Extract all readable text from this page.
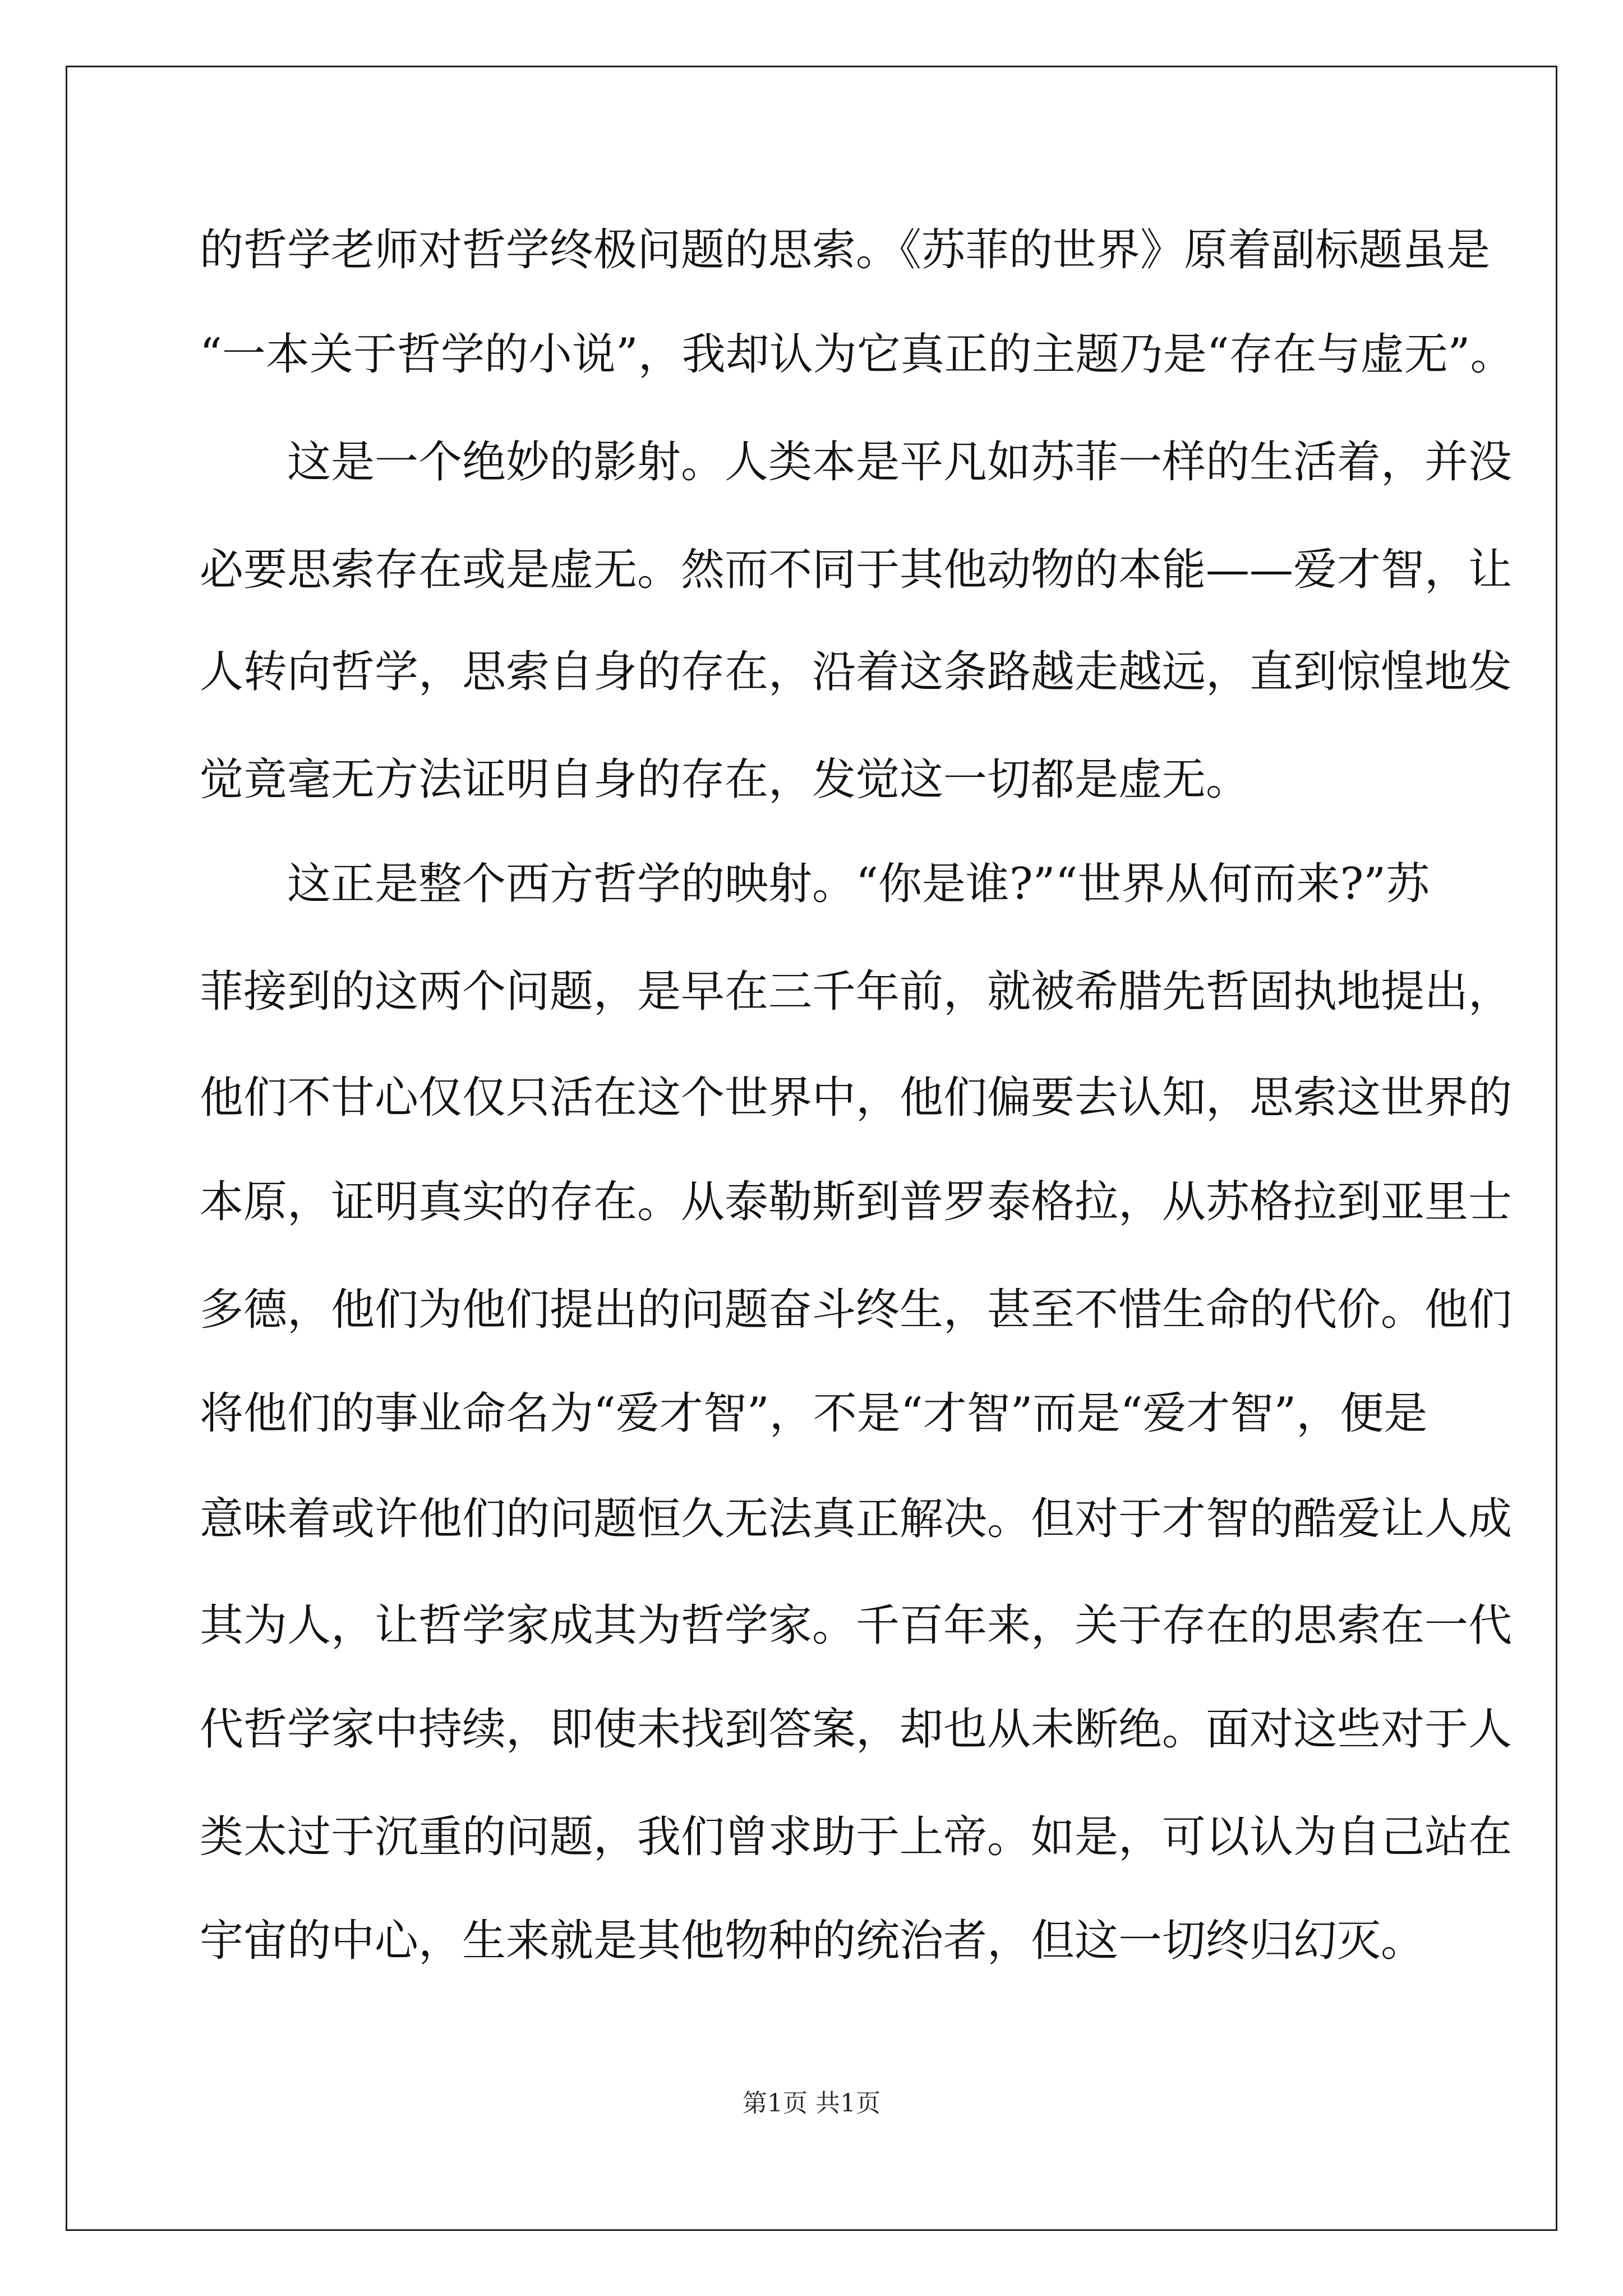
的哲学老师对哲学终极问题的思索。《苏菲的世界》原着副标题虽是
“一本关于哲学的小说”，我却认为它真正的主题乃是“存在与虚无”。
这是一个绝妙的影射。人类本是平凡如苏菲一样的生活着，并没
必要思索存在或是虚无。然而不同于其他动物的本能——爱才智，让
人转向哲学，思索自身的存在，沿着这条路越走越远，直到惊惶地发
觉竟毫无方法证明自身的存在，发觉这一切都是虚无。
这正是整个西方哲学的映射。“你是谁?”“世界从何而来?”苏
菲接到的这两个问题，是早在三千年前，就被希腊先哲固执地提出，
他们不甘心仅仅只活在这个世界中，他们偏要去认知，思索这世界的
本原，证明真实的存在。从泰勒斯到普罗泰格拉，从苏格拉到亚里士
多德，他们为他们提出的问题奋斗终生，甚至不惜生命的代价。他们
将他们的事业命名为“爱才智”，不是“才智”而是“爱才智”，便是
意味着或许他们的问题恒久无法真正解决。但对于才智的酷爱让人成
其为人，让哲学家成其为哲学家。千百年来，关于存在的思索在一代
代哲学家中持续，即使未找到答案，却也从未断绝。面对这些对于人
类太过于沉重的问题，我们曾求助于上帝。如是，可以认为自己站在
宇宙的中心，生来就是其他物种的统治者，但这一切终归幻灭。
第1页 共1页
